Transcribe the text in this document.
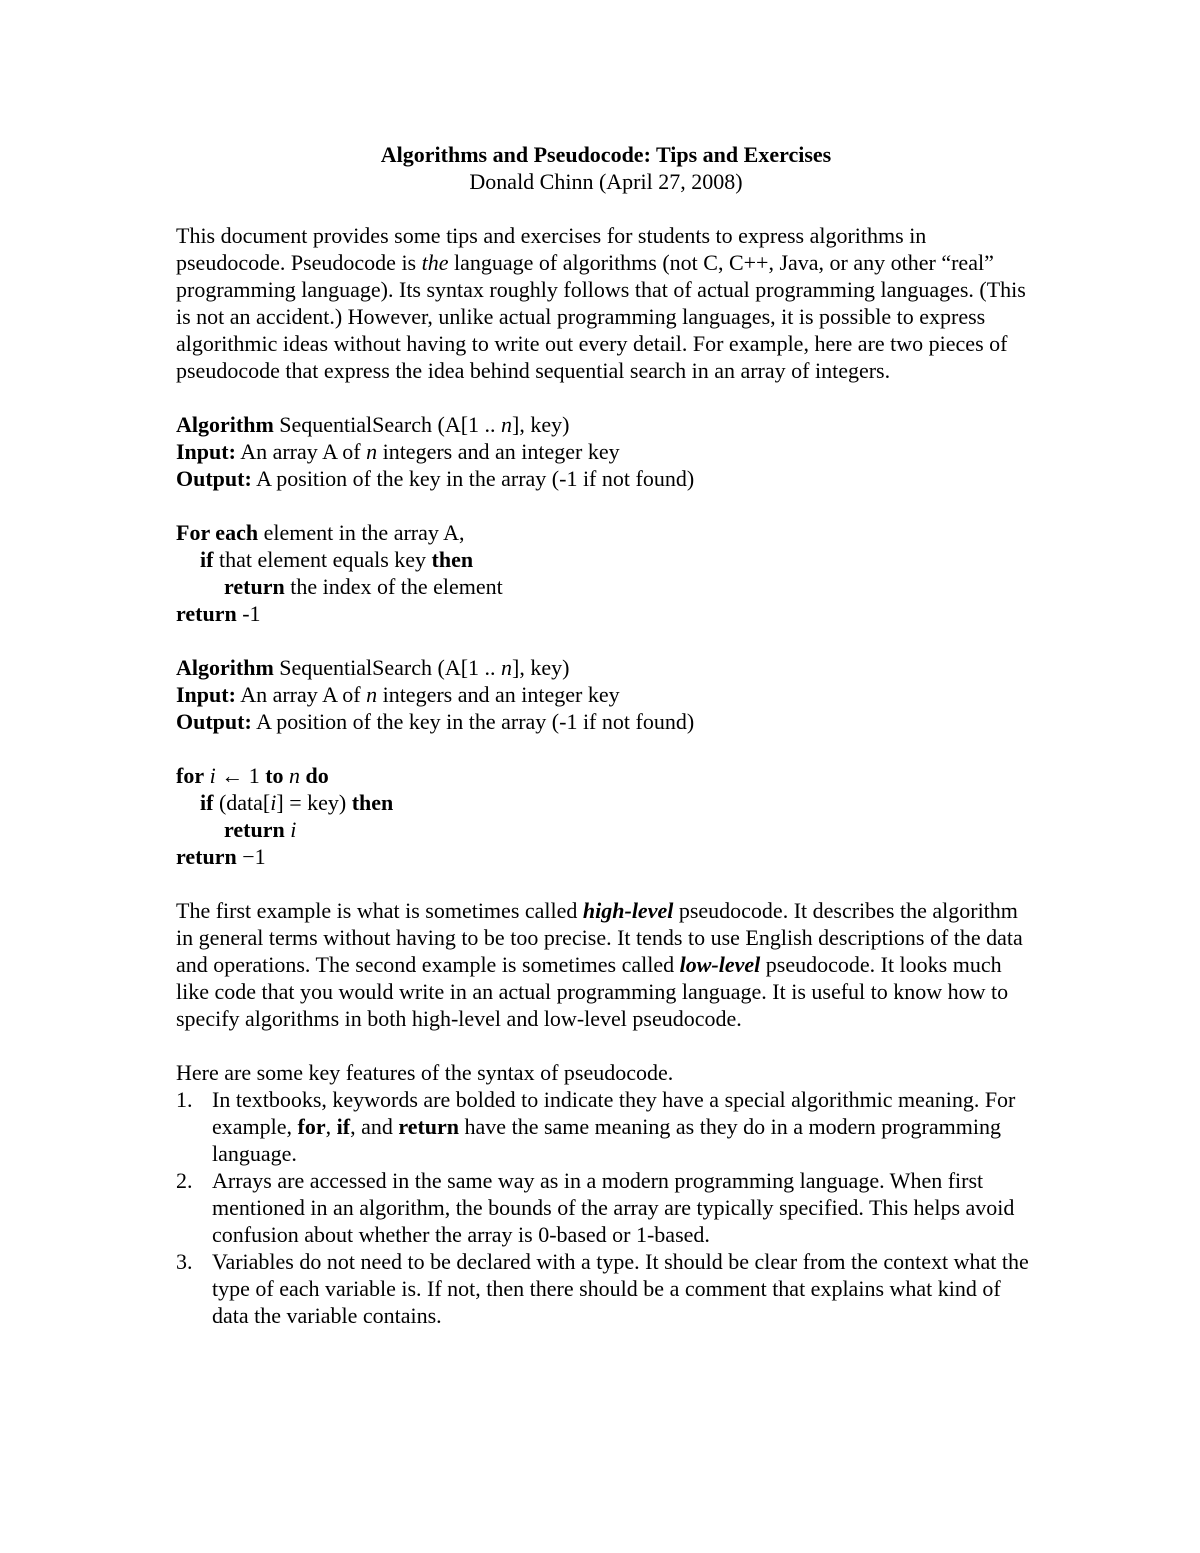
Algorithms and Pseudocode: Tips and Exercises
Donald Chinn (April 27, 2008)

This document provides some tips and exercises for students to express algorithms in pseudocode. Pseudocode is the language of algorithms (not C, C++, Java, or any other “real” programming language). Its syntax roughly follows that of actual programming languages. (This is not an accident.) However, unlike actual programming languages, it is possible to express algorithmic ideas without having to write out every detail. For example, here are two pieces of pseudocode that express the idea behind sequential search in an array of integers.

Algorithm SequentialSearch (A[1 .. n], key)
Input: An array A of n integers and an integer key
Output: A position of the key in the array (-1 if not found)
For each element in the array A,
if that element equals key then
return the index of the element
return -1
Algorithm SequentialSearch (A[1 .. n], key)
Input: An array A of n integers and an integer key
Output: A position of the key in the array (-1 if not found)
for i ← 1 to n do
if (data[i] = key) then
return i
return −1

The first example is what is sometimes called high-level pseudocode. It describes the algorithm in general terms without having to be too precise. It tends to use English descriptions of the data and operations. The second example is sometimes called low-level pseudocode. It looks much like code that you would write in an actual programming language. It is useful to know how to specify algorithms in both high-level and low-level pseudocode.

Here are some key features of the syntax of pseudocode.
1. In textbooks, keywords are bolded to indicate they have a special algorithmic meaning. For example, for, if, and return have the same meaning as they do in a modern programming language.
2. Arrays are accessed in the same way as in a modern programming language. When first mentioned in an algorithm, the bounds of the array are typically specified. This helps avoid confusion about whether the array is 0-based or 1-based.
3. Variables do not need to be declared with a type. It should be clear from the context what the type of each variable is. If not, then there should be a comment that explains what kind of data the variable contains.
